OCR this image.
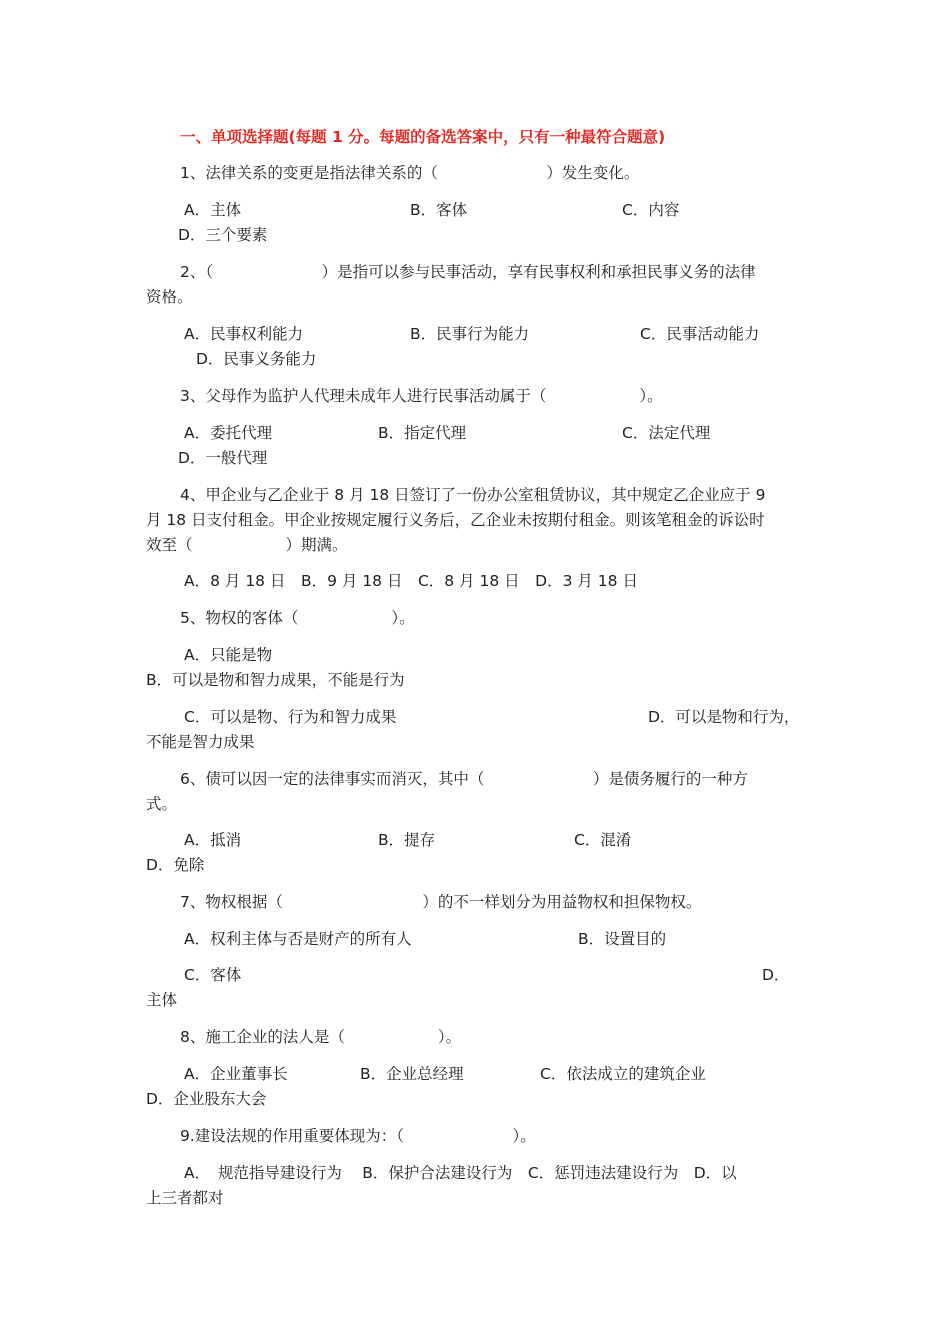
一、单项选择题(每题 1 分。每题的备选答案中，只有一种最符合题意)
1、法律关系的变更是指法律关系的（　　　　　　　）发生变化。
A．主体	B．客体	C．内容
D．三个要素
2、（　　　　　　　）是指可以参与民事活动，享有民事权利和承担民事义务的法律
资格。
A．民事权利能力	B．民事行为能力	C．民事活动能力
D．民事义务能力
3、父母作为监护人代理未成年人进行民事活动属于（　　　　　　）。
A．委托代理	B．指定代理	C．法定代理
D．一般代理
4、甲企业与乙企业于 8 月 18 日签订了一份办公室租赁协议，其中规定乙企业应于 9
月 18 日支付租金。甲企业按规定履行义务后，乙企业未按期付租金。则该笔租金的诉讼时
效至（　　　　　　）期满。
A．8 月 18 日　B．9 月 18 日　C．8 月 18 日　D．3 月 18 日
5、物权的客体（　　　　　　）。
A．只能是物
B．可以是物和智力成果，不能是行为
C．可以是物、行为和智力成果	D．可以是物和行为，
不能是智力成果
6、债可以因一定的法律事实而消灭，其中（　　　　　　　）是债务履行的一种方
式。
A．抵消	B．提存	C．混淆
D．免除
7、物权根据（　　　　　　　　　）的不一样划分为用益物权和担保物权。
A．权利主体与否是财产的所有人	B．设置目的
C．客体	D．
主体
8、施工企业的法人是（　　　　　　）。
A．企业董事长	B．企业总经理	C．依法成立的建筑企业
D．企业股东大会
9.建设法规的作用重要体现为：（　　　　　　　）。
A．　规范指导建设行为　 B．保护合法建设行为　C．惩罚违法建设行为　D．以
上三者都对
